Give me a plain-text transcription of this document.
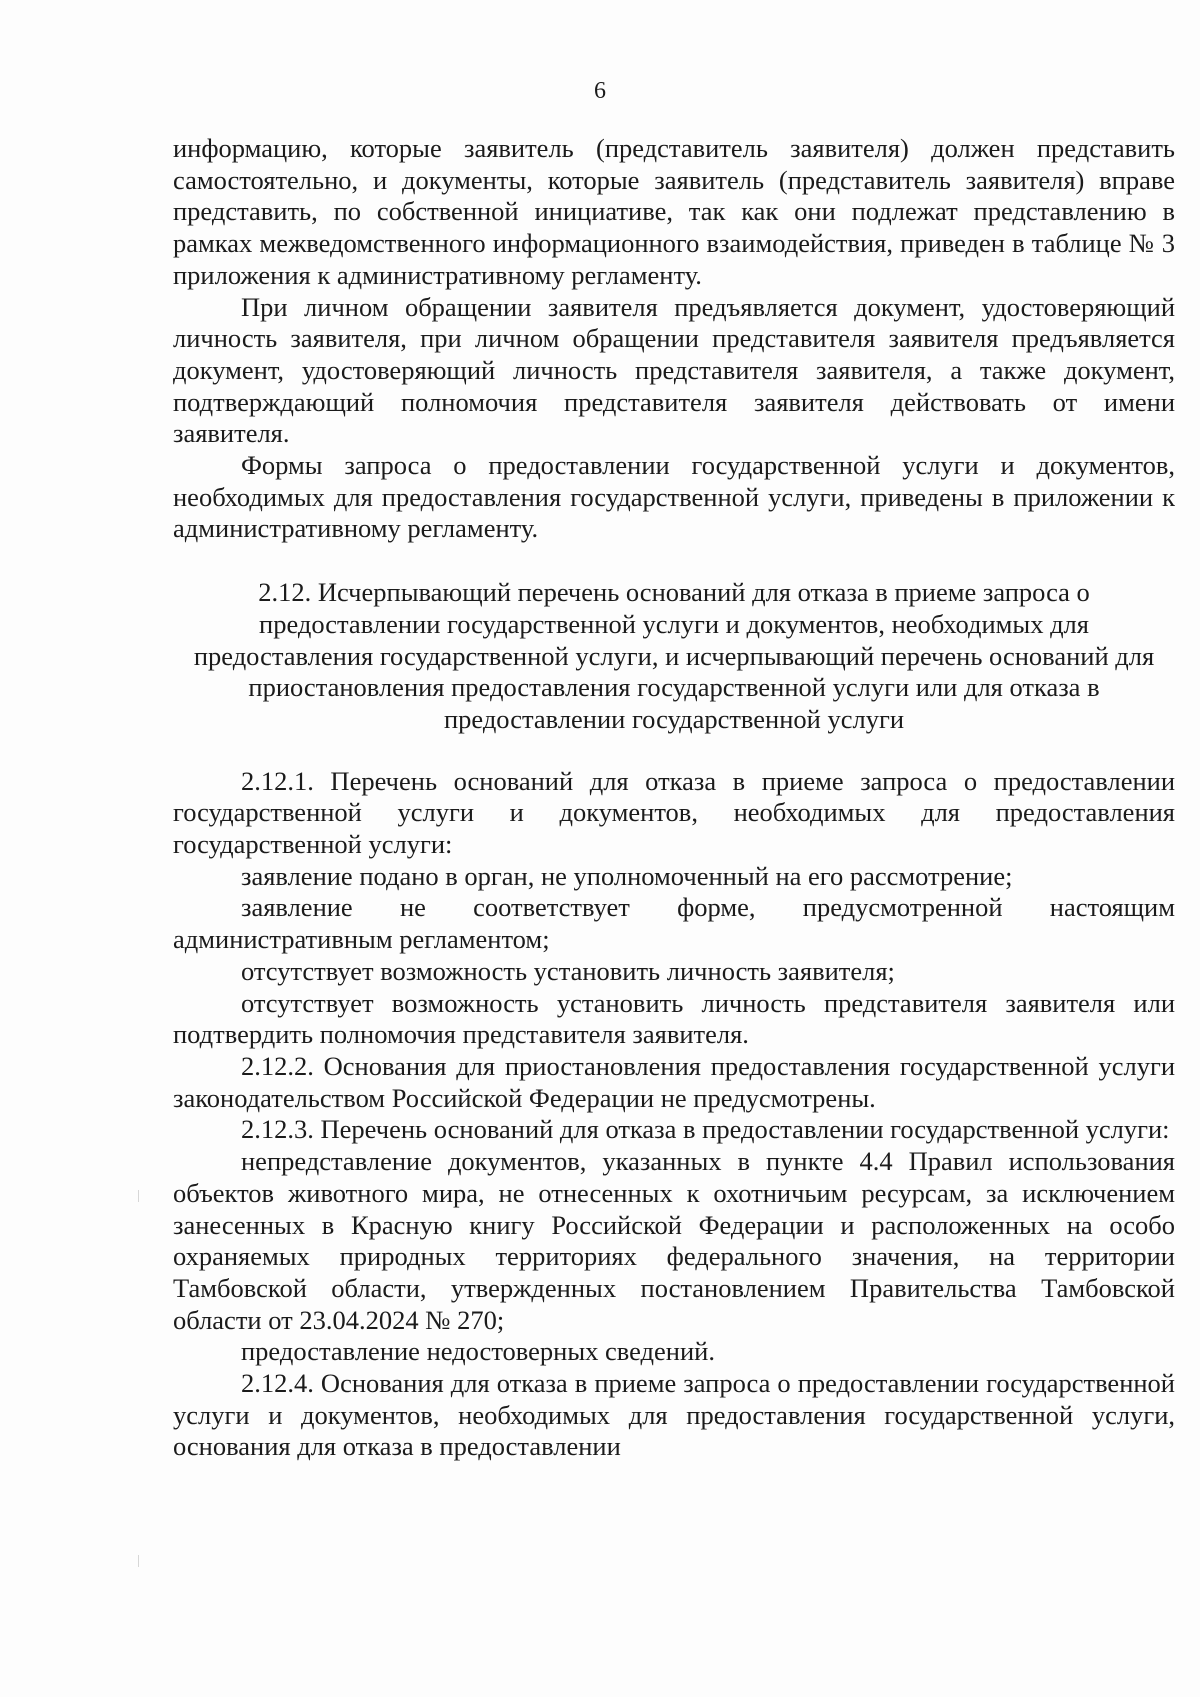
6

информацию, которые заявитель (представитель заявителя) должен представить самостоятельно, и документы, которые заявитель (представитель заявителя) вправе представить, по собственной инициативе, так как они подлежат представлению в рамках межведомственного информационного взаимодействия, приведен в таблице № 3 приложения к административному регламенту.

При личном обращении заявителя предъявляется документ, удостоверяющий личность заявителя, при личном обращении представителя заявителя предъявляется документ, удостоверяющий личность представителя заявителя, а также документ, подтверждающий полномочия представителя заявителя действовать от имени заявителя.

Формы запроса о предоставлении государственной услуги и документов, необходимых для предоставления государственной услуги, приведены в приложении к административному регламенту.

2.12. Исчерпывающий перечень оснований для отказа в приеме запроса о предоставлении государственной услуги и документов, необходимых для предоставления государственной услуги, и исчерпывающий перечень оснований для приостановления предоставления государственной услуги или для отказа в предоставлении государственной услуги

2.12.1. Перечень оснований для отказа в приеме запроса о предоставлении государственной услуги и документов, необходимых для предоставления государственной услуги:

заявление подано в орган, не уполномоченный на его рассмотрение;

заявление не соответствует форме, предусмотренной настоящим административным регламентом;

отсутствует возможность установить личность заявителя;

отсутствует возможность установить личность представителя заявителя или подтвердить полномочия представителя заявителя.

2.12.2. Основания для приостановления предоставления государственной услуги законодательством Российской Федерации не предусмотрены.

2.12.3. Перечень оснований для отказа в предоставлении государственной услуги:

непредставление документов, указанных в пункте 4.4 Правил использования объектов животного мира, не отнесенных к охотничьим ресурсам, за исключением занесенных в Красную книгу Российской Федерации и расположенных на особо охраняемых природных территориях федерального значения, на территории Тамбовской области, утвержденных постановлением Правительства Тамбовской области от 23.04.2024 № 270;

предоставление недостоверных сведений.

2.12.4. Основания для отказа в приеме запроса о предоставлении государственной услуги и документов, необходимых для предоставления государственной услуги, основания для отказа в предоставлении
